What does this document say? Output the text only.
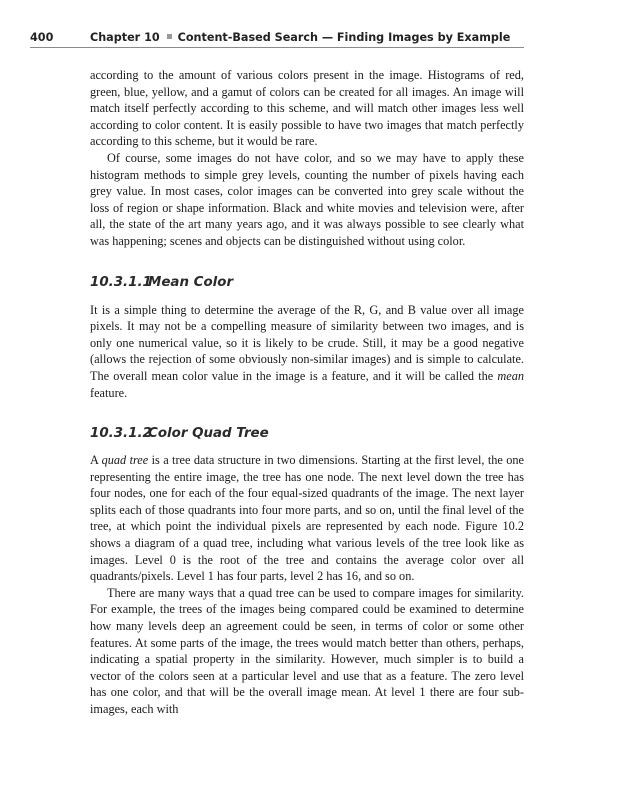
400	Chapter 10 Content-Based Search — Finding Images by Example

according to the amount of various colors present in the image. Histograms of red, green, blue, yellow, and a gamut of colors can be created for all images. An image will match itself perfectly according to this scheme, and will match other images less well according to color content. It is easily possible to have two images that match perfectly according to this scheme, but it would be rare.

Of course, some images do not have color, and so we may have to apply these histogram methods to simple grey levels, counting the number of pixels having each grey value. In most cases, color images can be converted into grey scale without the loss of region or shape information. Black and white movies and television were, after all, the state of the art many years ago, and it was always possible to see clearly what was happening; scenes and objects can be distinguished without using color.

10.3.1.1Mean Color

It is a simple thing to determine the average of the R, G, and B value over all image pixels. It may not be a compelling measure of similarity between two images, and is only one numerical value, so it is likely to be crude. Still, it may be a good negative (allows the rejection of some obviously non-similar images) and is simple to calculate. The overall mean color value in the image is a feature, and it will be called the mean feature.

10.3.1.2Color Quad Tree

A quad tree is a tree data structure in two dimensions. Starting at the first level, the one representing the entire image, the tree has one node. The next level down the tree has four nodes, one for each of the four equal-sized quadrants of the image. The next layer splits each of those quadrants into four more parts, and so on, until the final level of the tree, at which point the individual pixels are represented by each node. Figure 10.2 shows a diagram of a quad tree, including what various levels of the tree look like as images. Level 0 is the root of the tree and contains the average color over all quadrants/pixels. Level 1 has four parts, level 2 has 16, and so on.

There are many ways that a quad tree can be used to compare images for similarity. For example, the trees of the images being compared could be examined to determine how many levels deep an agreement could be seen, in terms of color or some other features. At some parts of the image, the trees would match better than others, perhaps, indicating a spatial property in the similarity. However, much simpler is to build a vector of the colors seen at a particular level and use that as a feature. The zero level has one color, and that will be the overall image mean. At level 1 there are four sub-images, each with
